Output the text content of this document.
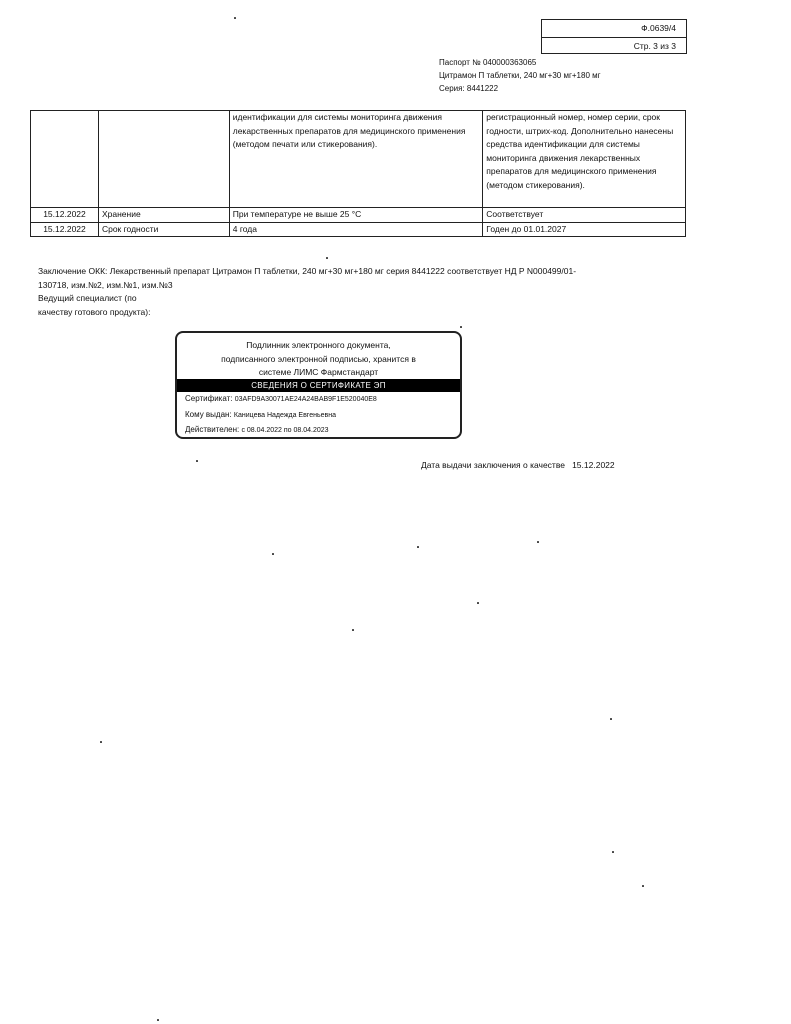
Ф.0639/4
Стр. 3 из 3
Паспорт № 040000363065
Цитрамон П таблетки, 240 мг+30 мг+180 мг
Серия: 8441222
		идентификации для системы мониторинга движения лекарственных препаратов для медицинского применения (методом печати или стикерования).	регистрационный номер, номер серии, срок годности, штрих-код. Дополнительно нанесены средства идентификации для системы мониторинга движения лекарственных препаратов для медицинского применения (методом стикерования).
15.12.2022	Хранение	При температуре не выше 25 °С	Соответствует
15.12.2022	Срок годности	4 года	Годен до 01.01.2027
Заключение ОКК: Лекарственный препарат Цитрамон П таблетки, 240 мг+30 мг+180 мг серия 8441222 соответствует НД Р N000499/01-130718, изм.№2, изм.№1, изм.№3
Ведущий специалист (по качеству готового продукта):
Подлинник электронного документа,
подписанного электронной подписью, хранится в
системе ЛИМС Фармстандарт
СВЕДЕНИЯ О СЕРТИФИКАТЕ ЭП
Сертификат: 03AFD9A30071AE24A24BAB9F1E520040E8
Кому выдан: Каницева Надежда Евгеньевна
Действителен: с 08.04.2022 по 08.04.2023
Дата выдачи заключения о качестве 15.12.2022
